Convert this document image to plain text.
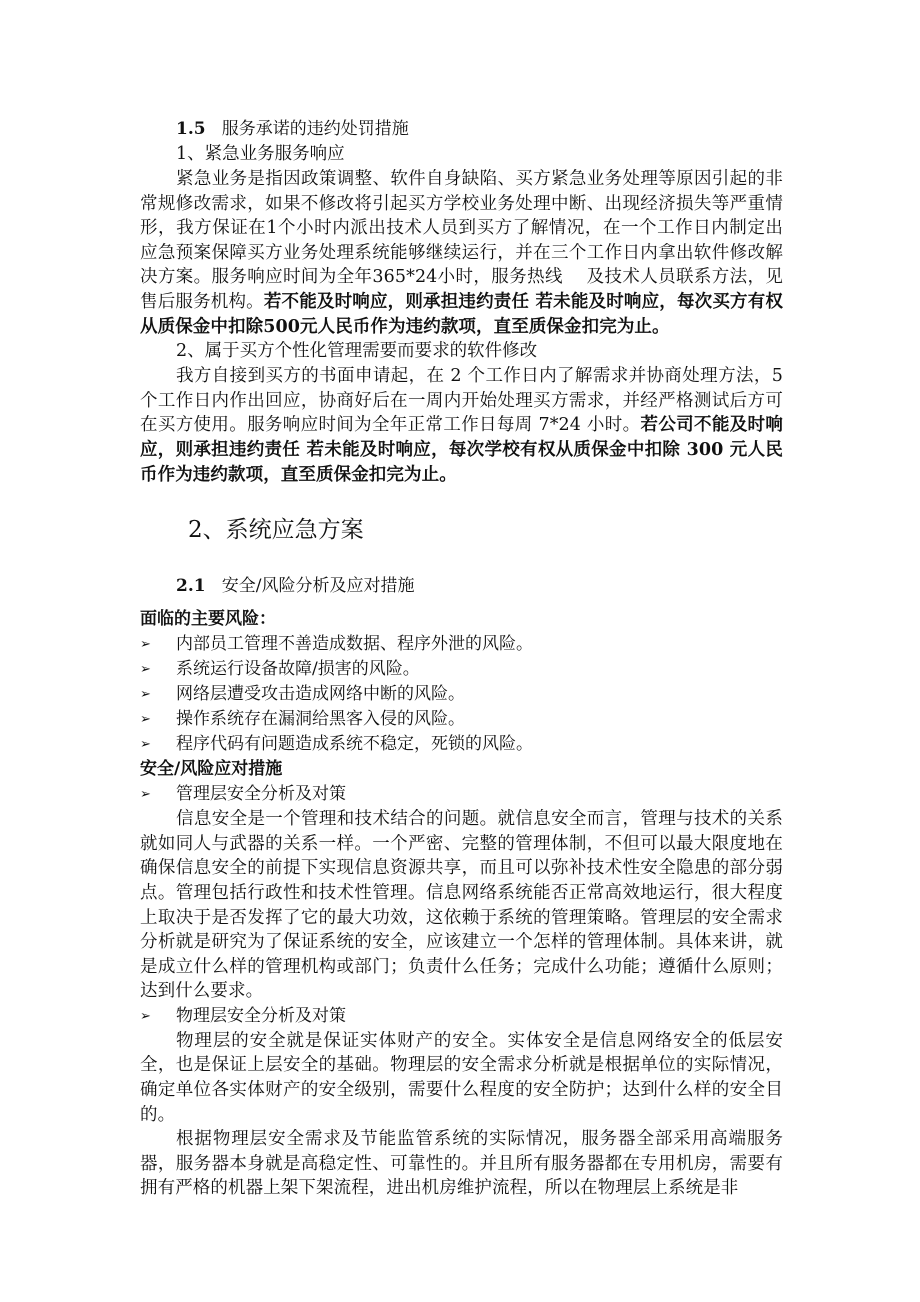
1.5 服务承诺的违约处罚措施

1、紧急业务服务响应

紧急业务是指因政策调整、软件自身缺陷、买方紧急业务处理等原因引起的非常规修改需求，如果不修改将引起买方学校业务处理中断、出现经济损失等严重情形，我方保证在1个小时内派出技术人员到买方了解情况，在一个工作日内制定出应急预案保障买方业务处理系统能够继续运行，并在三个工作日内拿出软件修改解决方案。服务响应时间为全年365*24小时，服务热线　 及技术人员联系方法，见售后服务机构。若不能及时响应，则承担违约责任 若未能及时响应，每次买方有权从质保金中扣除500元人民币作为违约款项，直至质保金扣完为止。

2、属于买方个性化管理需要而要求的软件修改

我方自接到买方的书面申请起，在 2 个工作日内了解需求并协商处理方法，5 个工作日内作出回应，协商好后在一周内开始处理买方需求，并经严格测试后方可在买方使用。服务响应时间为全年正常工作日每周 7*24 小时。若公司不能及时响应，则承担违约责任 若未能及时响应，每次学校有权从质保金中扣除 300 元人民币作为违约款项，直至质保金扣完为止。

2、系统应急方案
2.1 安全/风险分析及应对措施

面临的主要风险：

➢	内部员工管理不善造成数据、程序外泄的风险。
➢	系统运行设备故障/损害的风险。
➢	网络层遭受攻击造成网络中断的风险。
➢	操作系统存在漏洞给黑客入侵的风险。
➢	程序代码有问题造成系统不稳定，死锁的风险。

安全/风险应对措施

➢	管理层安全分析及对策

信息安全是一个管理和技术结合的问题。就信息安全而言，管理与技术的关系就如同人与武器的关系一样。一个严密、完整的管理体制，不但可以最大限度地在确保信息安全的前提下实现信息资源共享，而且可以弥补技术性安全隐患的部分弱点。管理包括行政性和技术性管理。信息网络系统能否正常高效地运行，很大程度上取决于是否发挥了它的最大功效，这依赖于系统的管理策略。管理层的安全需求分析就是研究为了保证系统的安全，应该建立一个怎样的管理体制。具体来讲，就是成立什么样的管理机构或部门；负责什么任务；完成什么功能；遵循什么原则；达到什么要求。

➢	物理层安全分析及对策

物理层的安全就是保证实体财产的安全。实体安全是信息网络安全的低层安全，也是保证上层安全的基础。物理层的安全需求分析就是根据单位的实际情况，确定单位各实体财产的安全级别，需要什么程度的安全防护；达到什么样的安全目的。

根据物理层安全需求及节能监管系统的实际情况，服务器全部采用高端服务器，服务器本身就是高稳定性、可靠性的。并且所有服务器都在专用机房，需要有拥有严格的机器上架下架流程，进出机房维护流程，所以在物理层上系统是非
